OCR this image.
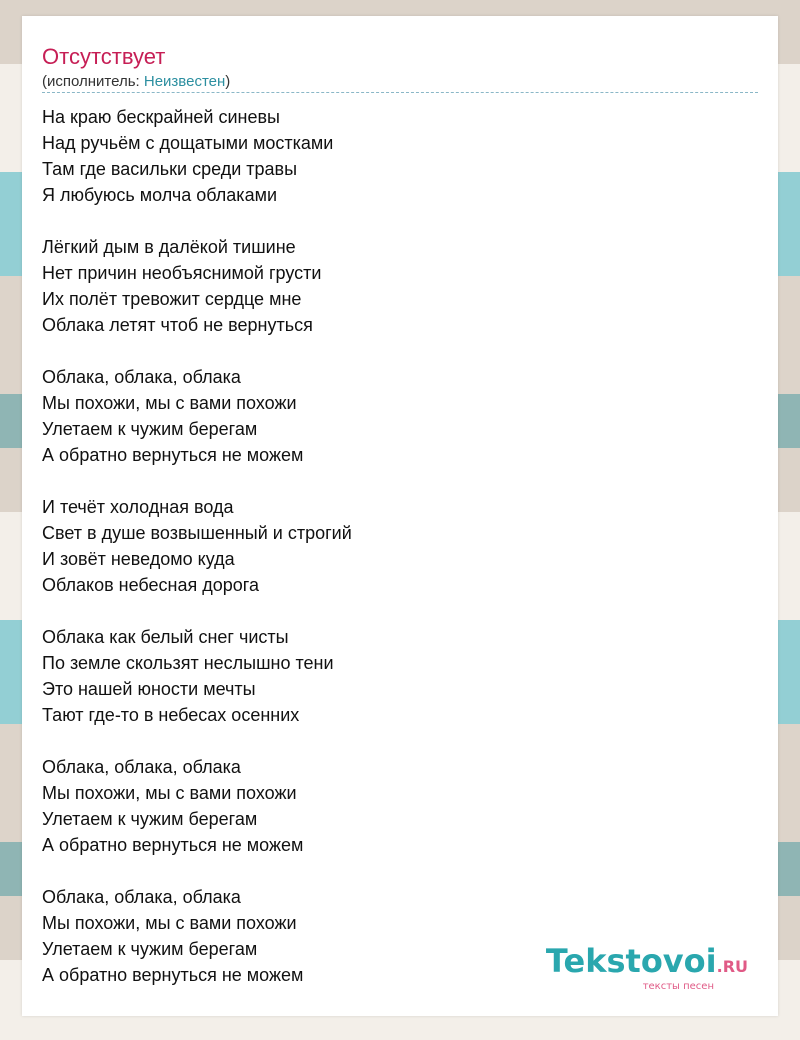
Отсутствует
(исполнитель: Неизвестен)
На краю бескрайней синевы
Над ручьём с дощатыми мостками
Там где васильки среди травы
Я любуюсь молча облаками
Лёгкий дым в далёкой тишине
Нет причин необъяснимой грусти
Их полёт тревожит сердце мне
Облака летят чтоб не вернуться
Облака, облака, облака
Мы похожи, мы с вами похожи
Улетаем к чужим берегам
А обратно вернуться не можем
И течёт холодная вода
Свет в душе возвышенный и строгий
И зовёт неведомо куда
Облаков небесная дорога
Облака как белый снег чисты
По земле скользят неслышно тени
Это нашей юности мечты
Тают где-то в небесах осенних
Облака, облака, облака
Мы похожи, мы с вами похожи
Улетаем к чужим берегам
А обратно вернуться не можем
Облака, облака, облака
Мы похожи, мы с вами похожи
Улетаем к чужим берегам
А обратно вернуться не можем	Tekstovoi.RU
тексты песен
